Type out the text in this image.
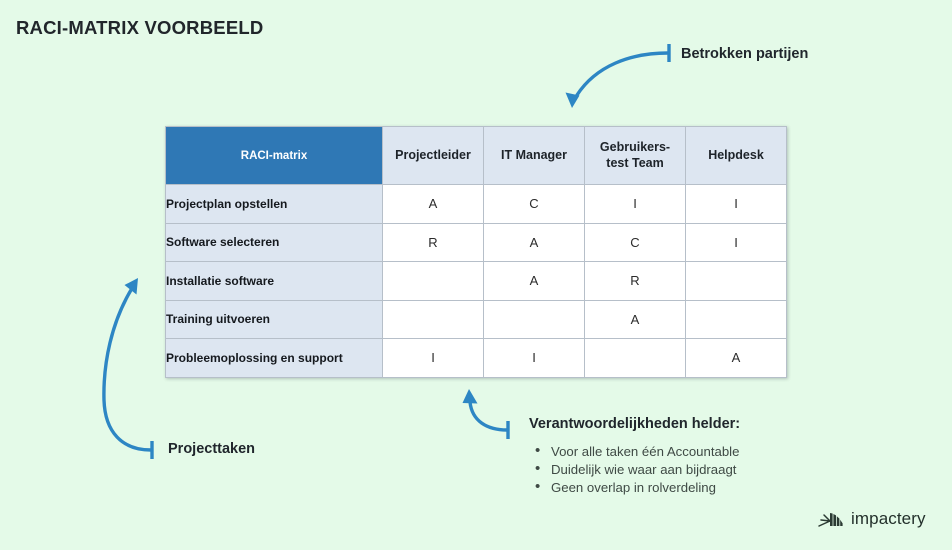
RACI-MATRIX VOORBEELD
RACI-matrix	Projectleider	IT Manager	Gebruikers-
test Team	Helpdesk
Projectplan opstellen	A	C	I	I
Software selecteren	R	A	C	I
Installatie software		A	R	
Training uitvoeren			A	
Probleemoplossing en support	I	I		A
Betrokken partijen
Projecttaken
Verantwoordelijkheden helder:
• Voor alle taken één Accountable
• Duidelijk wie waar aan bijdraagt
• Geen overlap in rolverdeling
impactery
